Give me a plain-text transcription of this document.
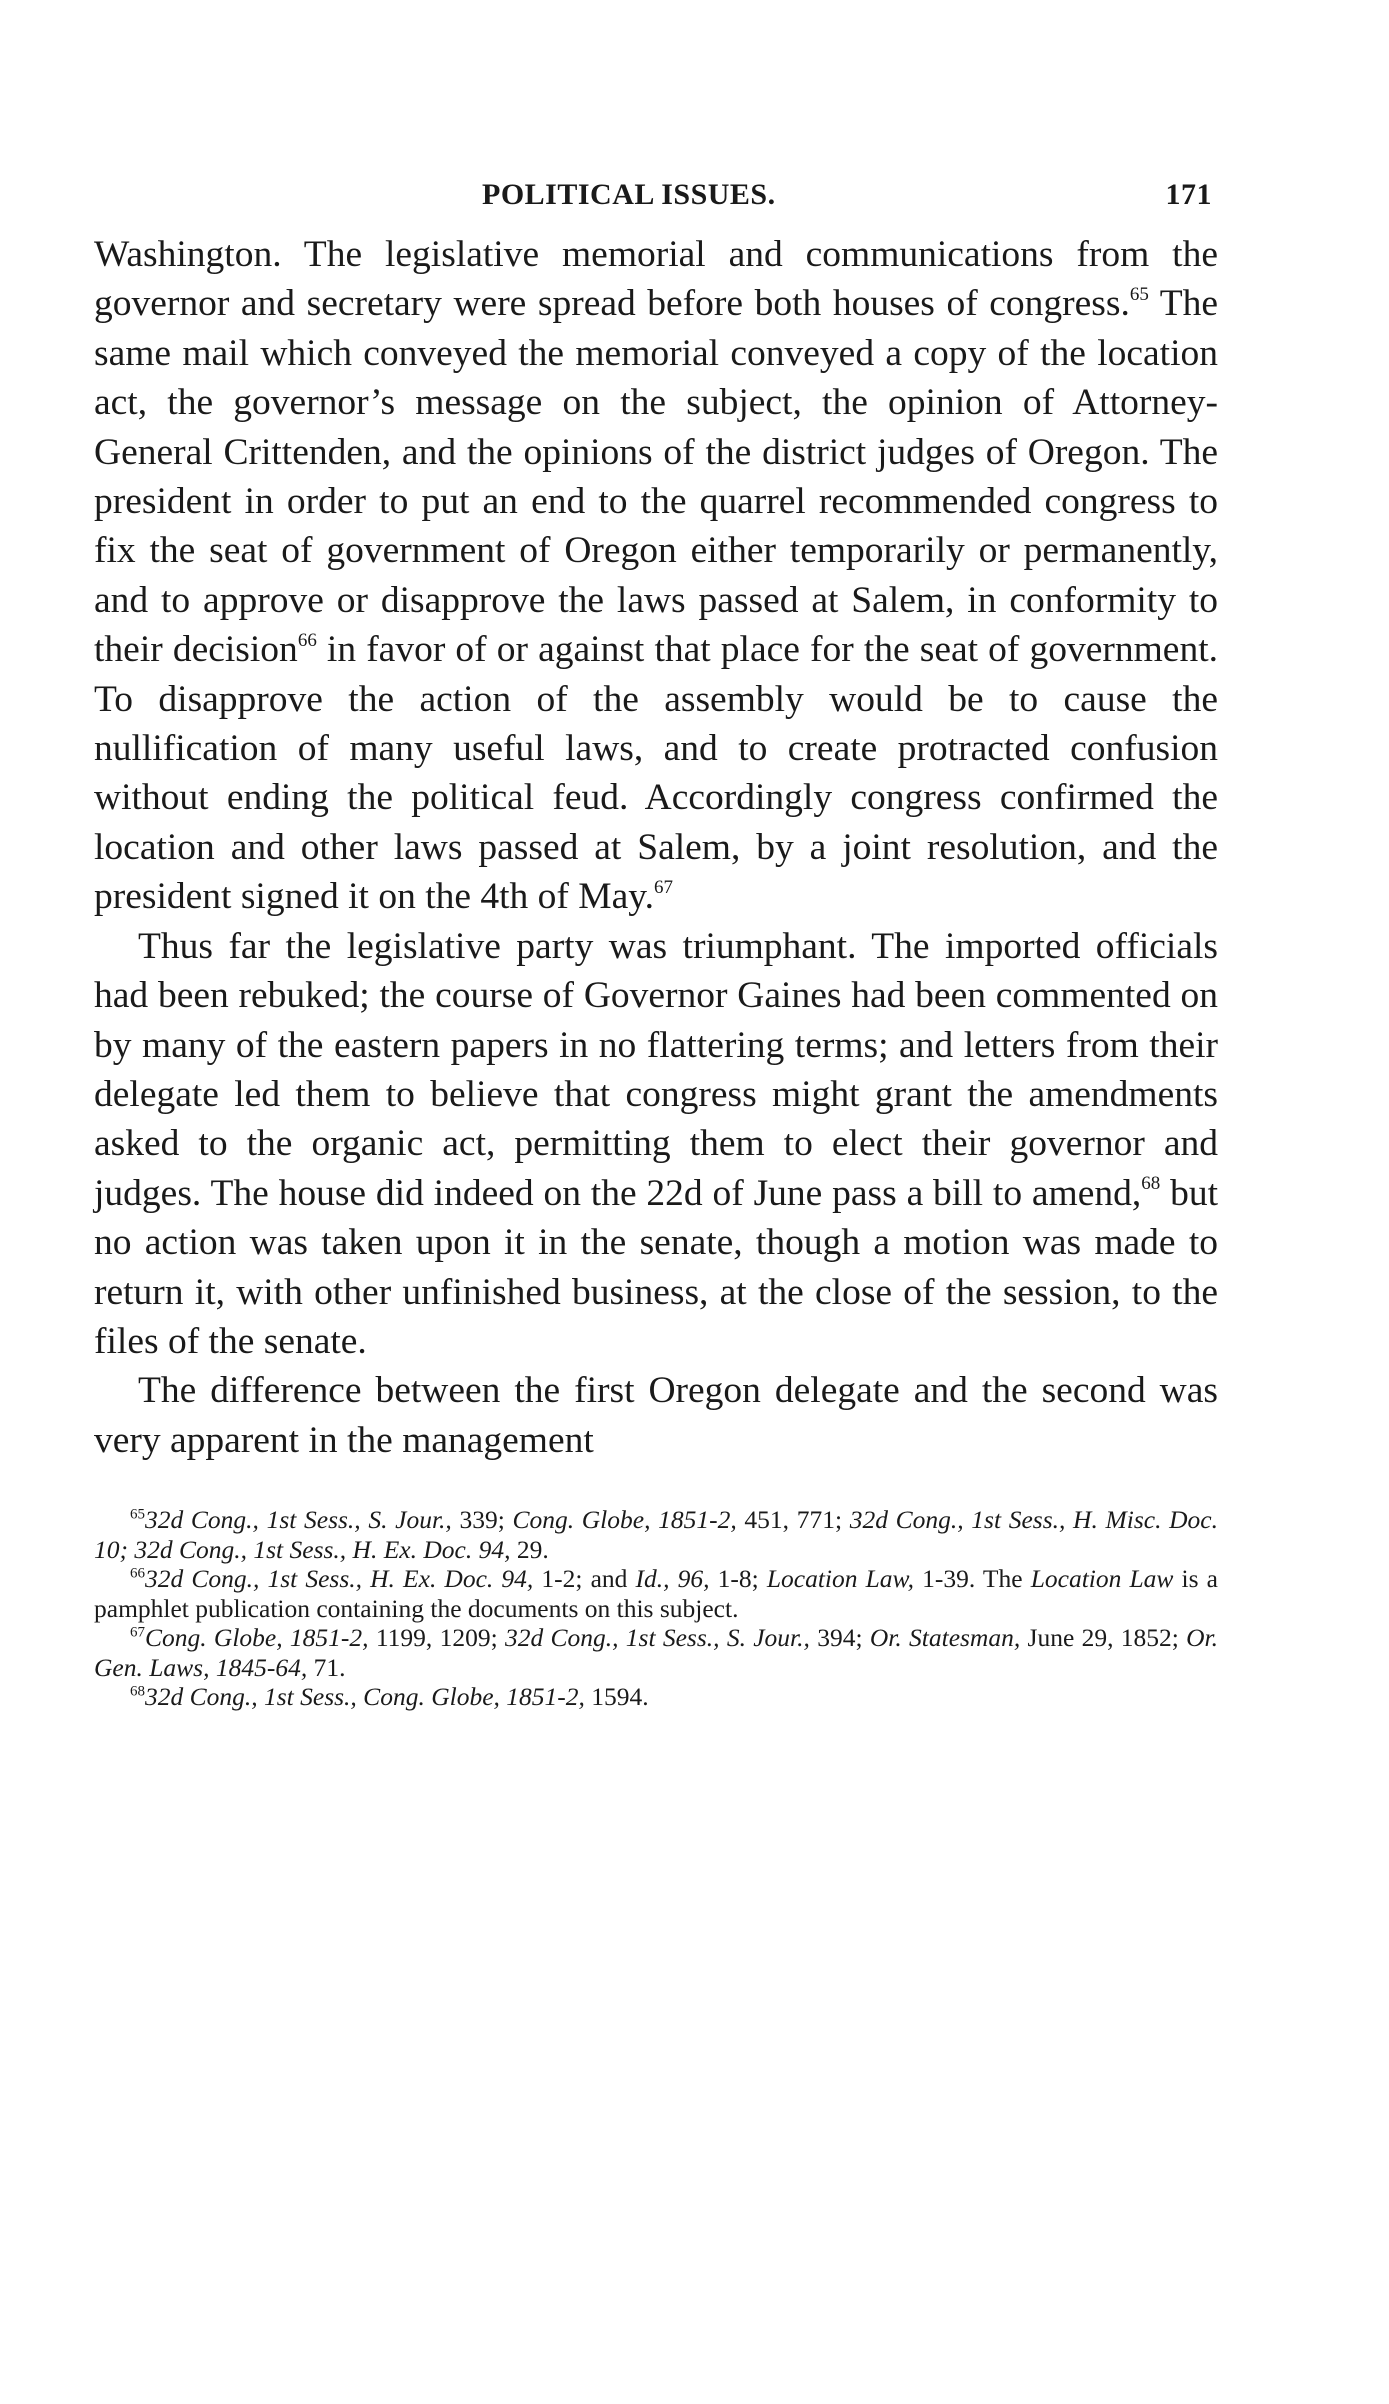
POLITICAL ISSUES.	171

Washington. The legislative memorial and communications from the governor and secretary were spread before both houses of congress.$^{65}$ The same mail which conveyed the memorial conveyed a copy of the location act, the governor’s message on the subject, the opinion of Attorney-General Crittenden, and the opinions of the district judges of Oregon. The president in order to put an end to the quarrel recommended congress to fix the seat of government of Oregon either temporarily or permanently, and to approve or disapprove the laws passed at Salem, in conformity to their decision$^{66}$ in favor of or against that place for the seat of government. To disapprove the action of the assembly would be to cause the nullification of many useful laws, and to create protracted confusion without ending the political feud. Accordingly congress confirmed the location and other laws passed at Salem, by a joint resolution, and the president signed it on the 4th of May.$^{67}$

Thus far the legislative party was triumphant. The imported officials had been rebuked; the course of Governor Gaines had been commented on by many of the eastern papers in no flattering terms; and letters from their delegate led them to believe that congress might grant the amendments asked to the organic act, permitting them to elect their governor and judges. The house did indeed on the 22d of June pass a bill to amend,$^{68}$ but no action was taken upon it in the senate, though a motion was made to return it, with other unfinished business, at the close of the session, to the files of the senate.

The difference between the first Oregon delegate and the second was very apparent in the management

$^{65}$32d Cong., 1st Sess., S. Jour., 339; Cong. Globe, 1851-2, 451, 771; 32d Cong., 1st Sess., H. Misc. Doc. 10; 32d Cong., 1st Sess., H. Ex. Doc. 94, 29.

$^{66}$32d Cong., 1st Sess., H. Ex. Doc. 94, 1-2; and Id., 96, 1-8; Location Law, 1-39. The Location Law is a pamphlet publication containing the documents on this subject.

$^{67}$Cong. Globe, 1851-2, 1199, 1209; 32d Cong., 1st Sess., S. Jour., 394; Or. Statesman, June 29, 1852; Or. Gen. Laws, 1845-64, 71.

$^{68}$32d Cong., 1st Sess., Cong. Globe, 1851-2, 1594.
